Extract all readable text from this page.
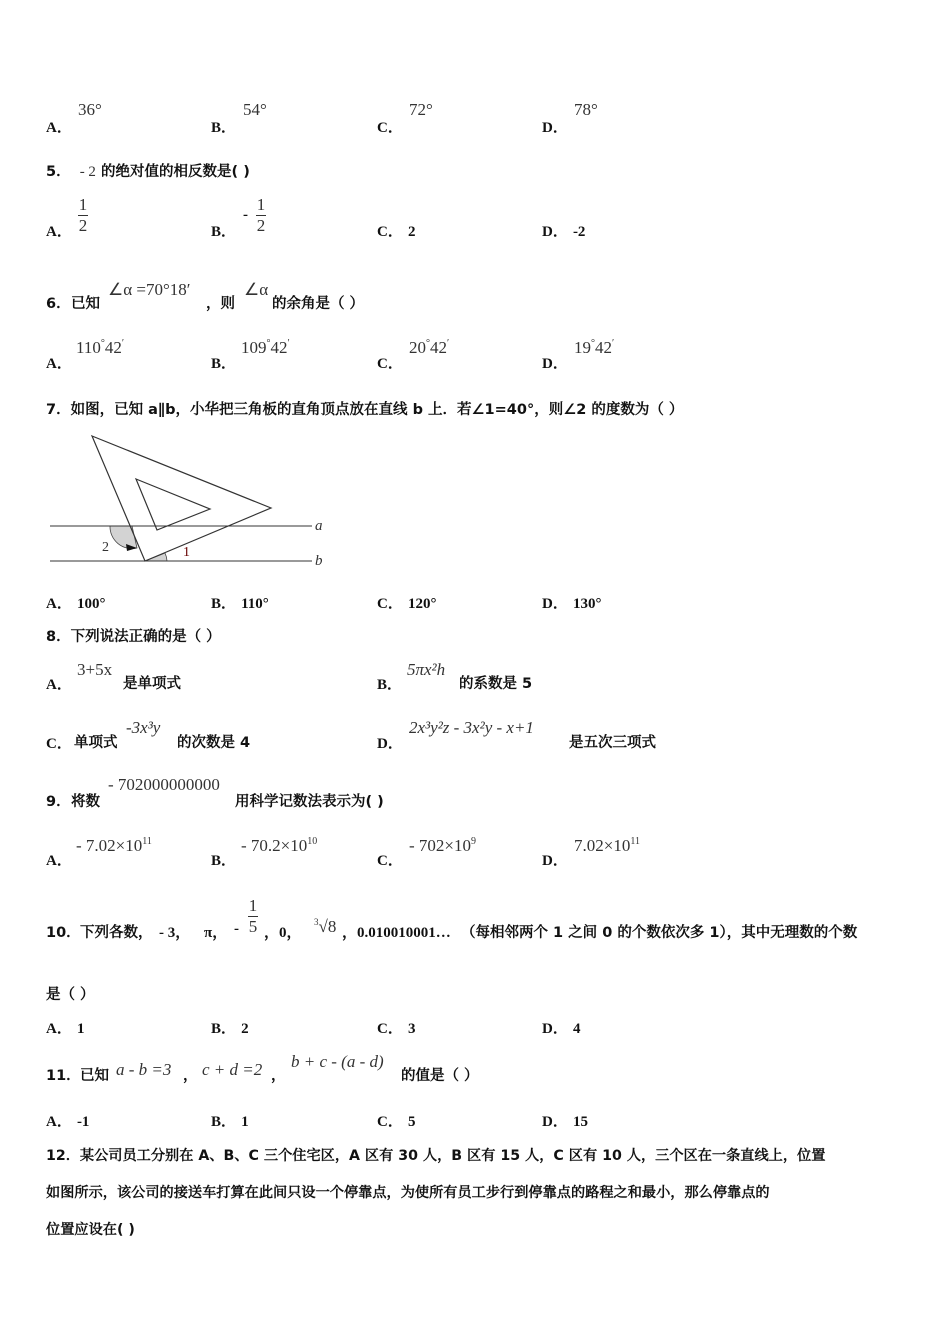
A．
36°
B．
54°
C．
72°
D．
78°
5． - 2 的绝对值的相反数是( )
A．
1
2	B．
-
1
2	C． 2	D． -2
6． 已知
∠α =70°18′
，则
∠α
的余角是（ ）
A．
110°42′
B．
109°42′
C．
20°42′
D．
19°42′
7．如图，已知 a∥b，小华把三角板的直角顶点放在直线 b 上．若∠1=40°，则∠2 的度数为（ ）
a
b
1
2
A． 100°	B． 110°	C． 120°	D． 130°
8．下列说法正确的是（ ）
A．
3+5x
是单项式	B．
5πx²h
的系数是 5
C． 单项式
-3x³y
的次数是 4	D．
2x³y²z - 3x²y - x+1
是五次三项式
9． 将数
- 702000000000
用科学记数法表示为( )
A．
- $7.02\times 10^{11}$
B．
- $70.2\times 10^{10}$
C．
- $702\times 10^9$
D．
$7.02\times 10^{11}$
10． 下列各数， - 3， π， -
1
5 ，0，
$^3$√8 ，0.010010001… （每相邻两个 1 之间 0 的个数依次多 1），其中无理数的个数
是（ ）
A． 1	B． 2	C． 3	D． 4
11． 已知 a - b =3 ， c + d =2 ，
b + c - (a - d)
的值是（ ）
A． -1	B． 1	C． 5	D． 15
12．某公司员工分别在 A、B、C 三个住宅区，A 区有 30 人，B 区有 15 人，C 区有 10 人，三个区在一条直线上，位置
如图所示，该公司的接送车打算在此间只设一个停靠点，为使所有员工步行到停靠点的路程之和最小，那么停靠点的
位置应设在( )
